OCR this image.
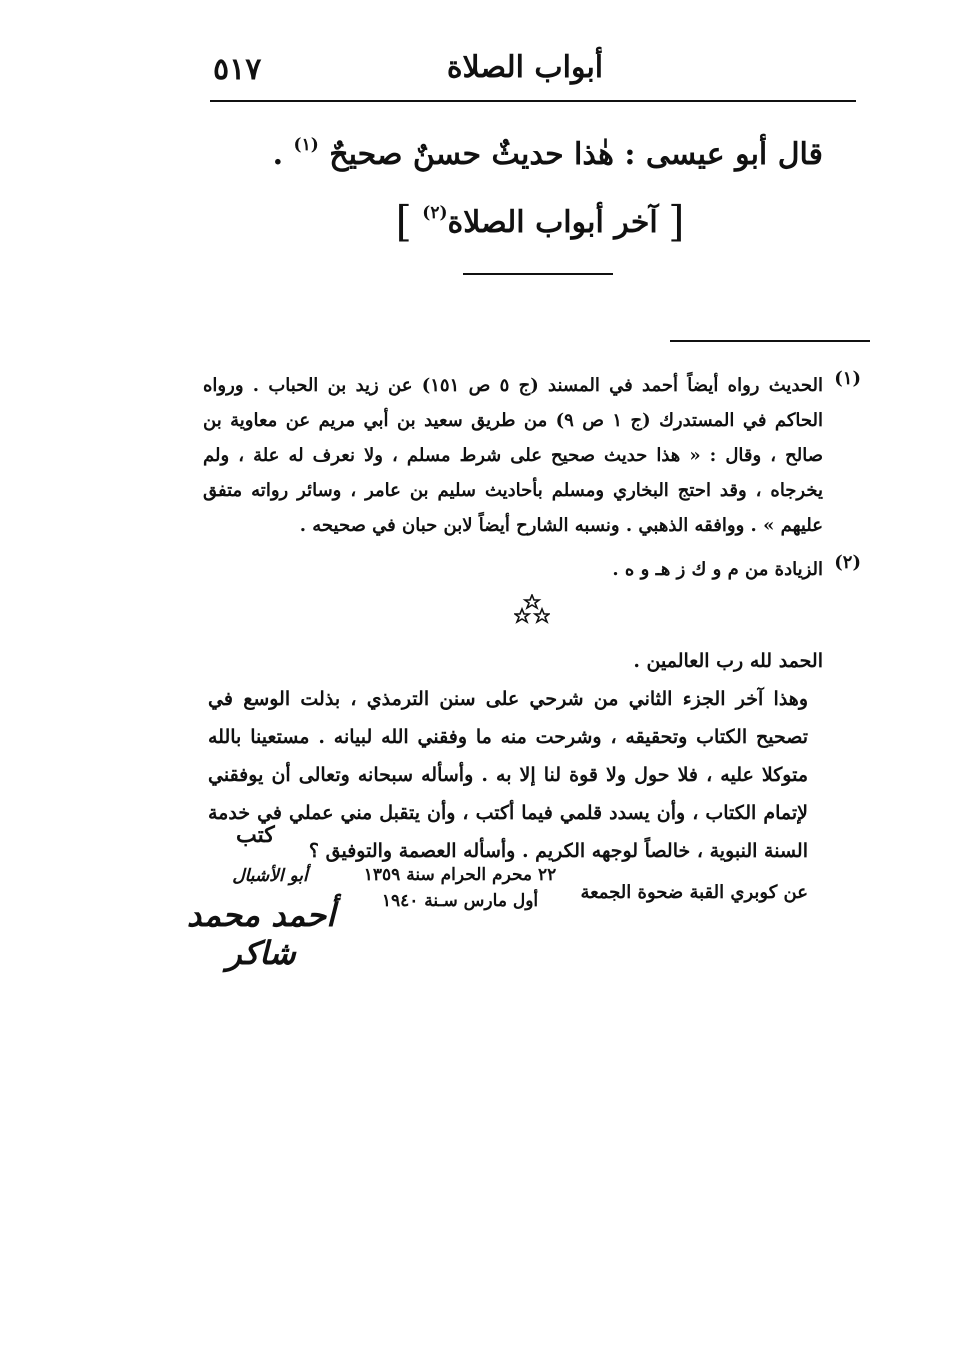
٥١٧	أبواب الصلاة
قال أبو عيسى : هٰذا حديثٌ حسنٌ صحيحٌ $^{(١)}$ .
[ آخر أبواب الصلاة$^{(٢)}$ ]
(١)
الحديث رواه أيضاً أحمد في المسند (ج ٥ ص ١٥١) عن زيد بن الحباب . ورواه الحاكم في المستدرك (ج ١ ص ٩) من طريق سعيد بن أبي مريم عن معاوية بن صالح ، وقال : « هذا حديث صحيح على شرط مسلم ، ولا نعرف له علة ، ولم يخرجاه ، وقد احتج البخاري ومسلم بأحاديث سليم بن عامر ، وسائر رواته متفق عليهم » . ووافقه الذهبي . ونسبه الشارح أيضاً لابن حبان في صحيحه .
(٢)
الزيادة من م و ك ز هـ و ه .
الحمد لله رب العالمين .
وهذا آخر الجزء الثاني من شرحي على سنن الترمذي ، بذلت الوسع في تصحيح الكتاب وتحقيقه ، وشرحت منه ما وفقني الله لبيانه . مستعينا بالله متوكلا عليه ، فلا حول ولا قوة لنا إلا به . وأسأله سبحانه وتعالى أن يوفقني لإتمام الكتاب ، وأن يسدد قلمي فيما أكتب ، وأن يتقبل مني عملي في خدمة السنة النبوية ، خالصاً لوجهه الكريم . وأسأله العصمة والتوفيق ؟
كتب
عن كوبري القبة ضحوة الجمعة
٢٢ محرم الحرام سنة ١٣٥٩
أول مارس سـنة ١٩٤٠
أبو الأشبال
أحمد محمد شاكر
